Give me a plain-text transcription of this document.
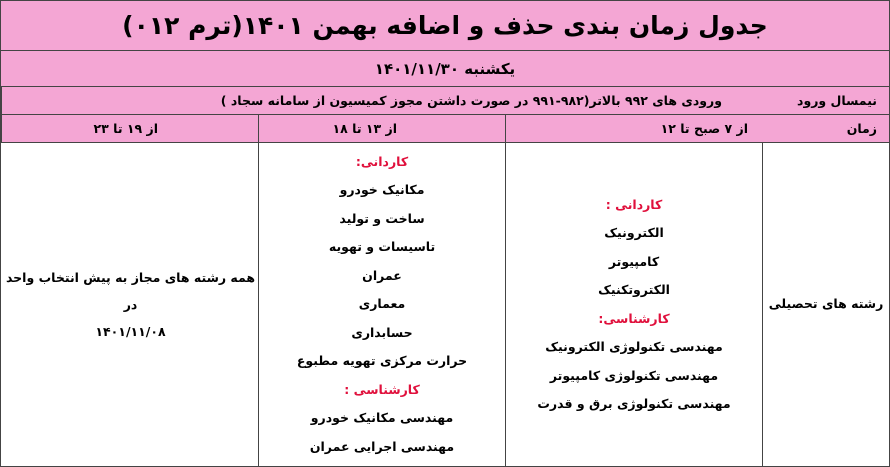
جدول زمان بندی حذف و اضافه بهمن ۱۴۰۱(ترم ۰۱۲)
یکشنبه ۱۴۰۱/۱۱/۳۰
نیمسال ورود
ورودی های ۹۹۲ بالاتر(۹۸۲-۹۹۱ در صورت داشتن مجوز کمیسیون از سامانه سجاد )
زمان
از ۷ صبح تا ۱۲
از ۱۳ تا ۱۸
از ۱۹ تا ۲۳
رشته های تحصیلی
کاردانی :
الکترونیک
کامپیوتر
الکتروتکنیک
کارشناسی:
مهندسی تکنولوژی الکترونیک
مهندسی تکنولوژی کامپیوتر
مهندسی تکنولوژی برق و قدرت
کاردانی:
مکانیک خودرو
ساخت و تولید
تاسیسات و تهویه
عمران
معماری
حسابداری
حرارت مرکزی تهویه مطبوع
کارشناسی :
مهندسی مکانیک خودرو
مهندسی اجرایی عمران
همه رشته های مجاز به پیش انتخاب واحد
در
۱۴۰۱/۱۱/۰۸
